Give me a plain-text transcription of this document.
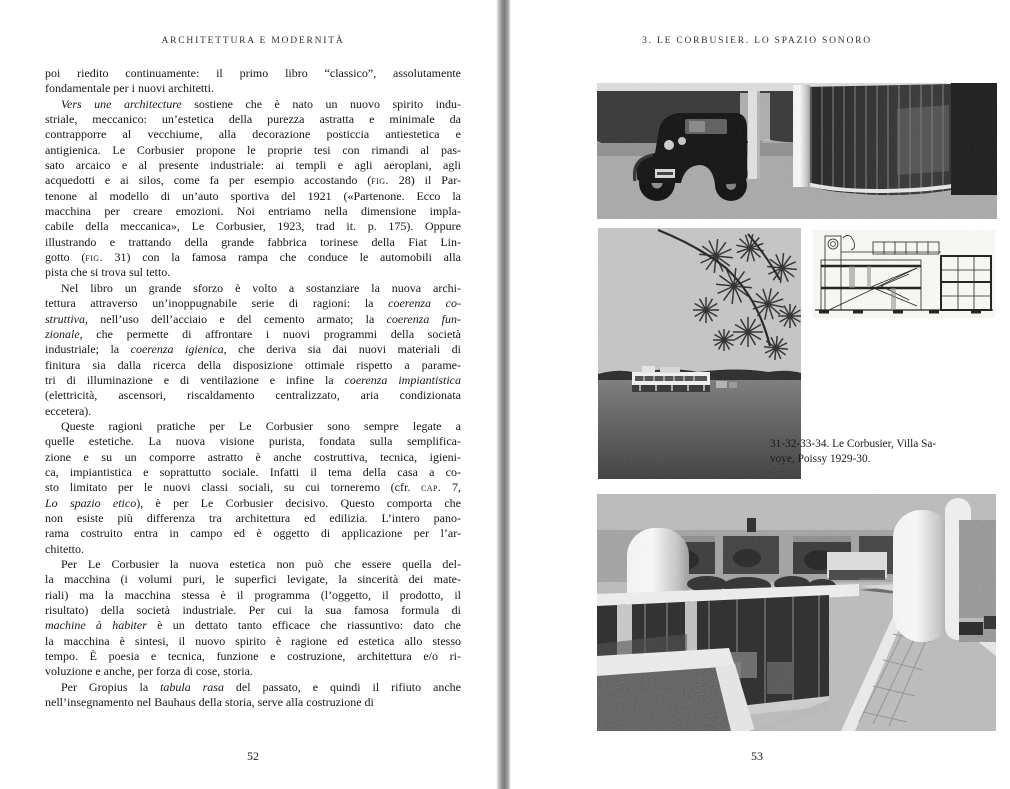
ARCHITETTURA E MODERNITÀ
poi riedito continuamente: il primo libro “classico”, assolutamente
fondamentale per i nuovi architetti.
Vers une architecture sostiene che è nato un nuovo spirito indu-
striale, meccanico: un’estetica della purezza astratta e minimale da
contrapporre al vecchiume, alla decorazione posticcia antiestetica e
antigienica. Le Corbusier propone le proprie tesi con rimandi al pas-
sato arcaico e al presente industriale: ai templi e agli aeroplani, agli
acquedotti e ai silos, come fa per esempio accostando (fig. 28) il Par-
tenone al modello di un’auto sportiva del 1921 («Partenone. Ecco la
macchina per creare emozioni. Noi entriamo nella dimensione impla-
cabile della meccanica», Le Corbusier, 1923, trad it. p. 175). Oppure
illustrando e trattando della grande fabbrica torinese della Fiat Lin-
gotto (fig. 31) con la famosa rampa che conduce le automobili alla
pista che si trova sul tetto.
Nel libro un grande sforzo è volto a sostanziare la nuova archi-
tettura attraverso un’inoppugnabile serie di ragioni: la coerenza co-
struttiva, nell’uso dell’acciaio e del cemento armato; la coerenza fun-
zionale, che permette di affrontare i nuovi programmi della società
industriale; la coerenza igienica, che deriva sia dai nuovi materiali di
finitura sia dalla ricerca della disposizione ottimale rispetto a parame-
tri di illuminazione e di ventilazione e infine la coerenza impiantistica
(elettricità, ascensori, riscaldamento centralizzato, aria condizionata
eccetera).
Queste ragioni pratiche per Le Corbusier sono sempre legate a
quelle estetiche. La nuova visione purista, fondata sulla semplifica-
zione e su un comporre astratto è anche costruttiva, tecnica, igieni-
ca, impiantistica e soprattutto sociale. Infatti il tema della casa a co-
sto limitato per le nuovi classi sociali, su cui torneremo (cfr. cap. 7,
Lo spazio etico), è per Le Corbusier decisivo. Questo comporta che
non esiste più differenza tra architettura ed edilizia. L’intero pano-
rama costruito entra in campo ed è oggetto di applicazione per l’ar-
chitetto.
Per Le Corbusier la nuova estetica non può che essere quella del-
la macchina (i volumi puri, le superfici levigate, la sincerità dei mate-
riali) ma la macchina stessa è il programma (l’oggetto, il prodotto, il
risultato) della società industriale. Per cui la sua famosa formula di
machine à habiter è un dettato tanto efficace che riassuntivo: dato che
la macchina è sintesi, il nuovo spirito è ragione ed estetica allo stesso
tempo. È poesia e tecnica, funzione e costruzione, architettura e/o ri-
voluzione e anche, per forza di cose, storia.
Per Gropius la tabula rasa del passato, e quindi il rifiuto anche
nell’insegnamento nel Bauhaus della storia, serve alla costruzione di
52
3. LE CORBUSIER. LO SPAZIO SONORO
31-32-33-34. Le Corbusier, Villa Sa-
voye, Poissy 1929-30.
53
